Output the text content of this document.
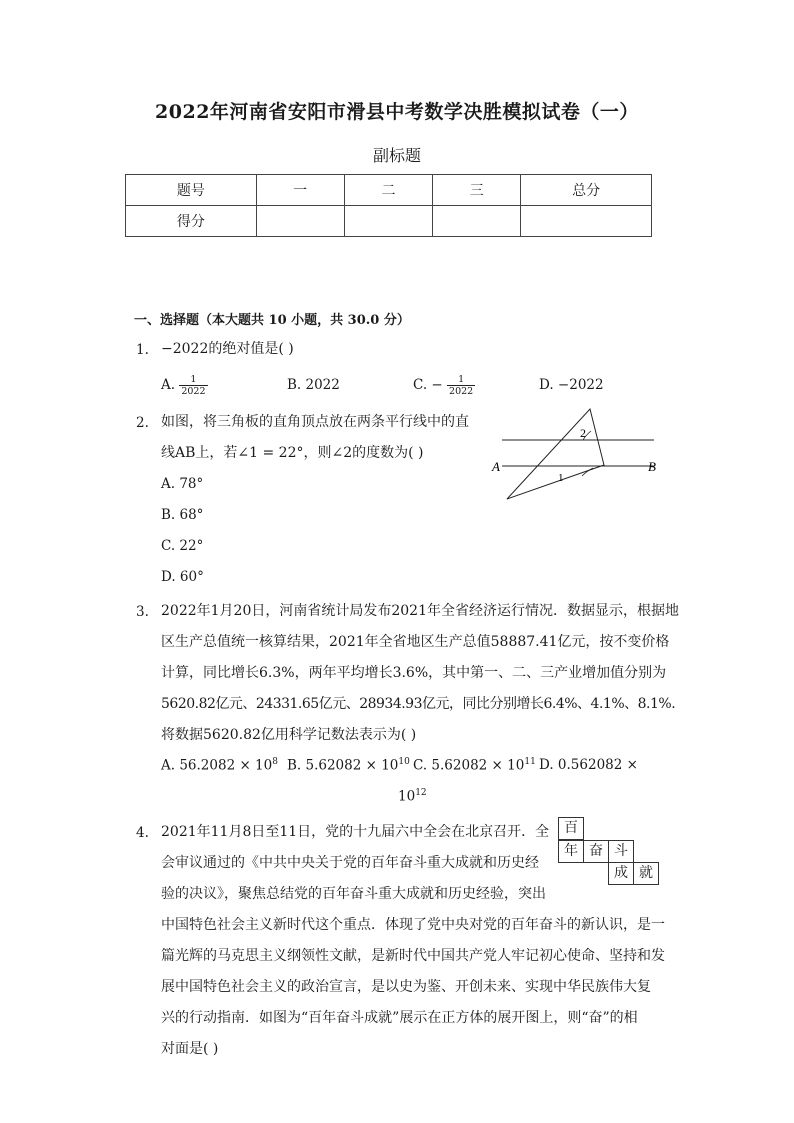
2022年河南省安阳市滑县中考数学决胜模拟试卷（一）
副标题
题号	一	二	三	总分
得分				
一、选择题（本大题共 10 小题，共 30.0 分）
1. −2022的绝对值是( )
A. $\frac{1}{2022}$	B. 2022	C. − $\frac{1}{2022}$	D. −2022
2. 如图，将三角板的直角顶点放在两条平行线中的直
线AB上，若∠1 = 22°，则∠2的度数为( )
A. 78°
B. 68°
C. 22°
D. 60°
A	B
1
2
3. 2022年1月20日，河南省统计局发布2021年全省经济运行情况．数据显示，根据地
区生产总值统一核算结果，2021年全省地区生产总值58887.41亿元，按不变价格
计算，同比增长6.3%，两年平均增长3.6%，其中第一、二、三产业增加值分别为
5620.82亿元、24331.65亿元、28934.93亿元，同比分别增长6.4%、4.1%、8.1%.
将数据5620.82亿用科学记数法表示为( )
A. $56.2082 \times 10^8$ B. $5.62082 \times 10^{10}$ C. $5.62082 \times 10^{11}$ D. 0.562082 ×
$10^{12}$
4. 2021年11月8日至11日，党的十九届六中全会在北京召开．全
会审议通过的《中共中央关于党的百年奋斗重大成就和历史经
验的决议》，聚焦总结党的百年奋斗重大成就和历史经验，突出
中国特色社会主义新时代这个重点．体现了党中央对党的百年奋斗的新认识，是一
篇光辉的马克思主义纲领性文献，是新时代中国共产党人牢记初心使命、坚持和发
展中国特色社会主义的政治宣言，是以史为鉴、开创未来、实现中华民族伟大复
兴的行动指南．如图为“百年奋斗成就”展示在正方体的展开图上，则“奋”的相
对面是( )
百
年 奋 斗
成 就
